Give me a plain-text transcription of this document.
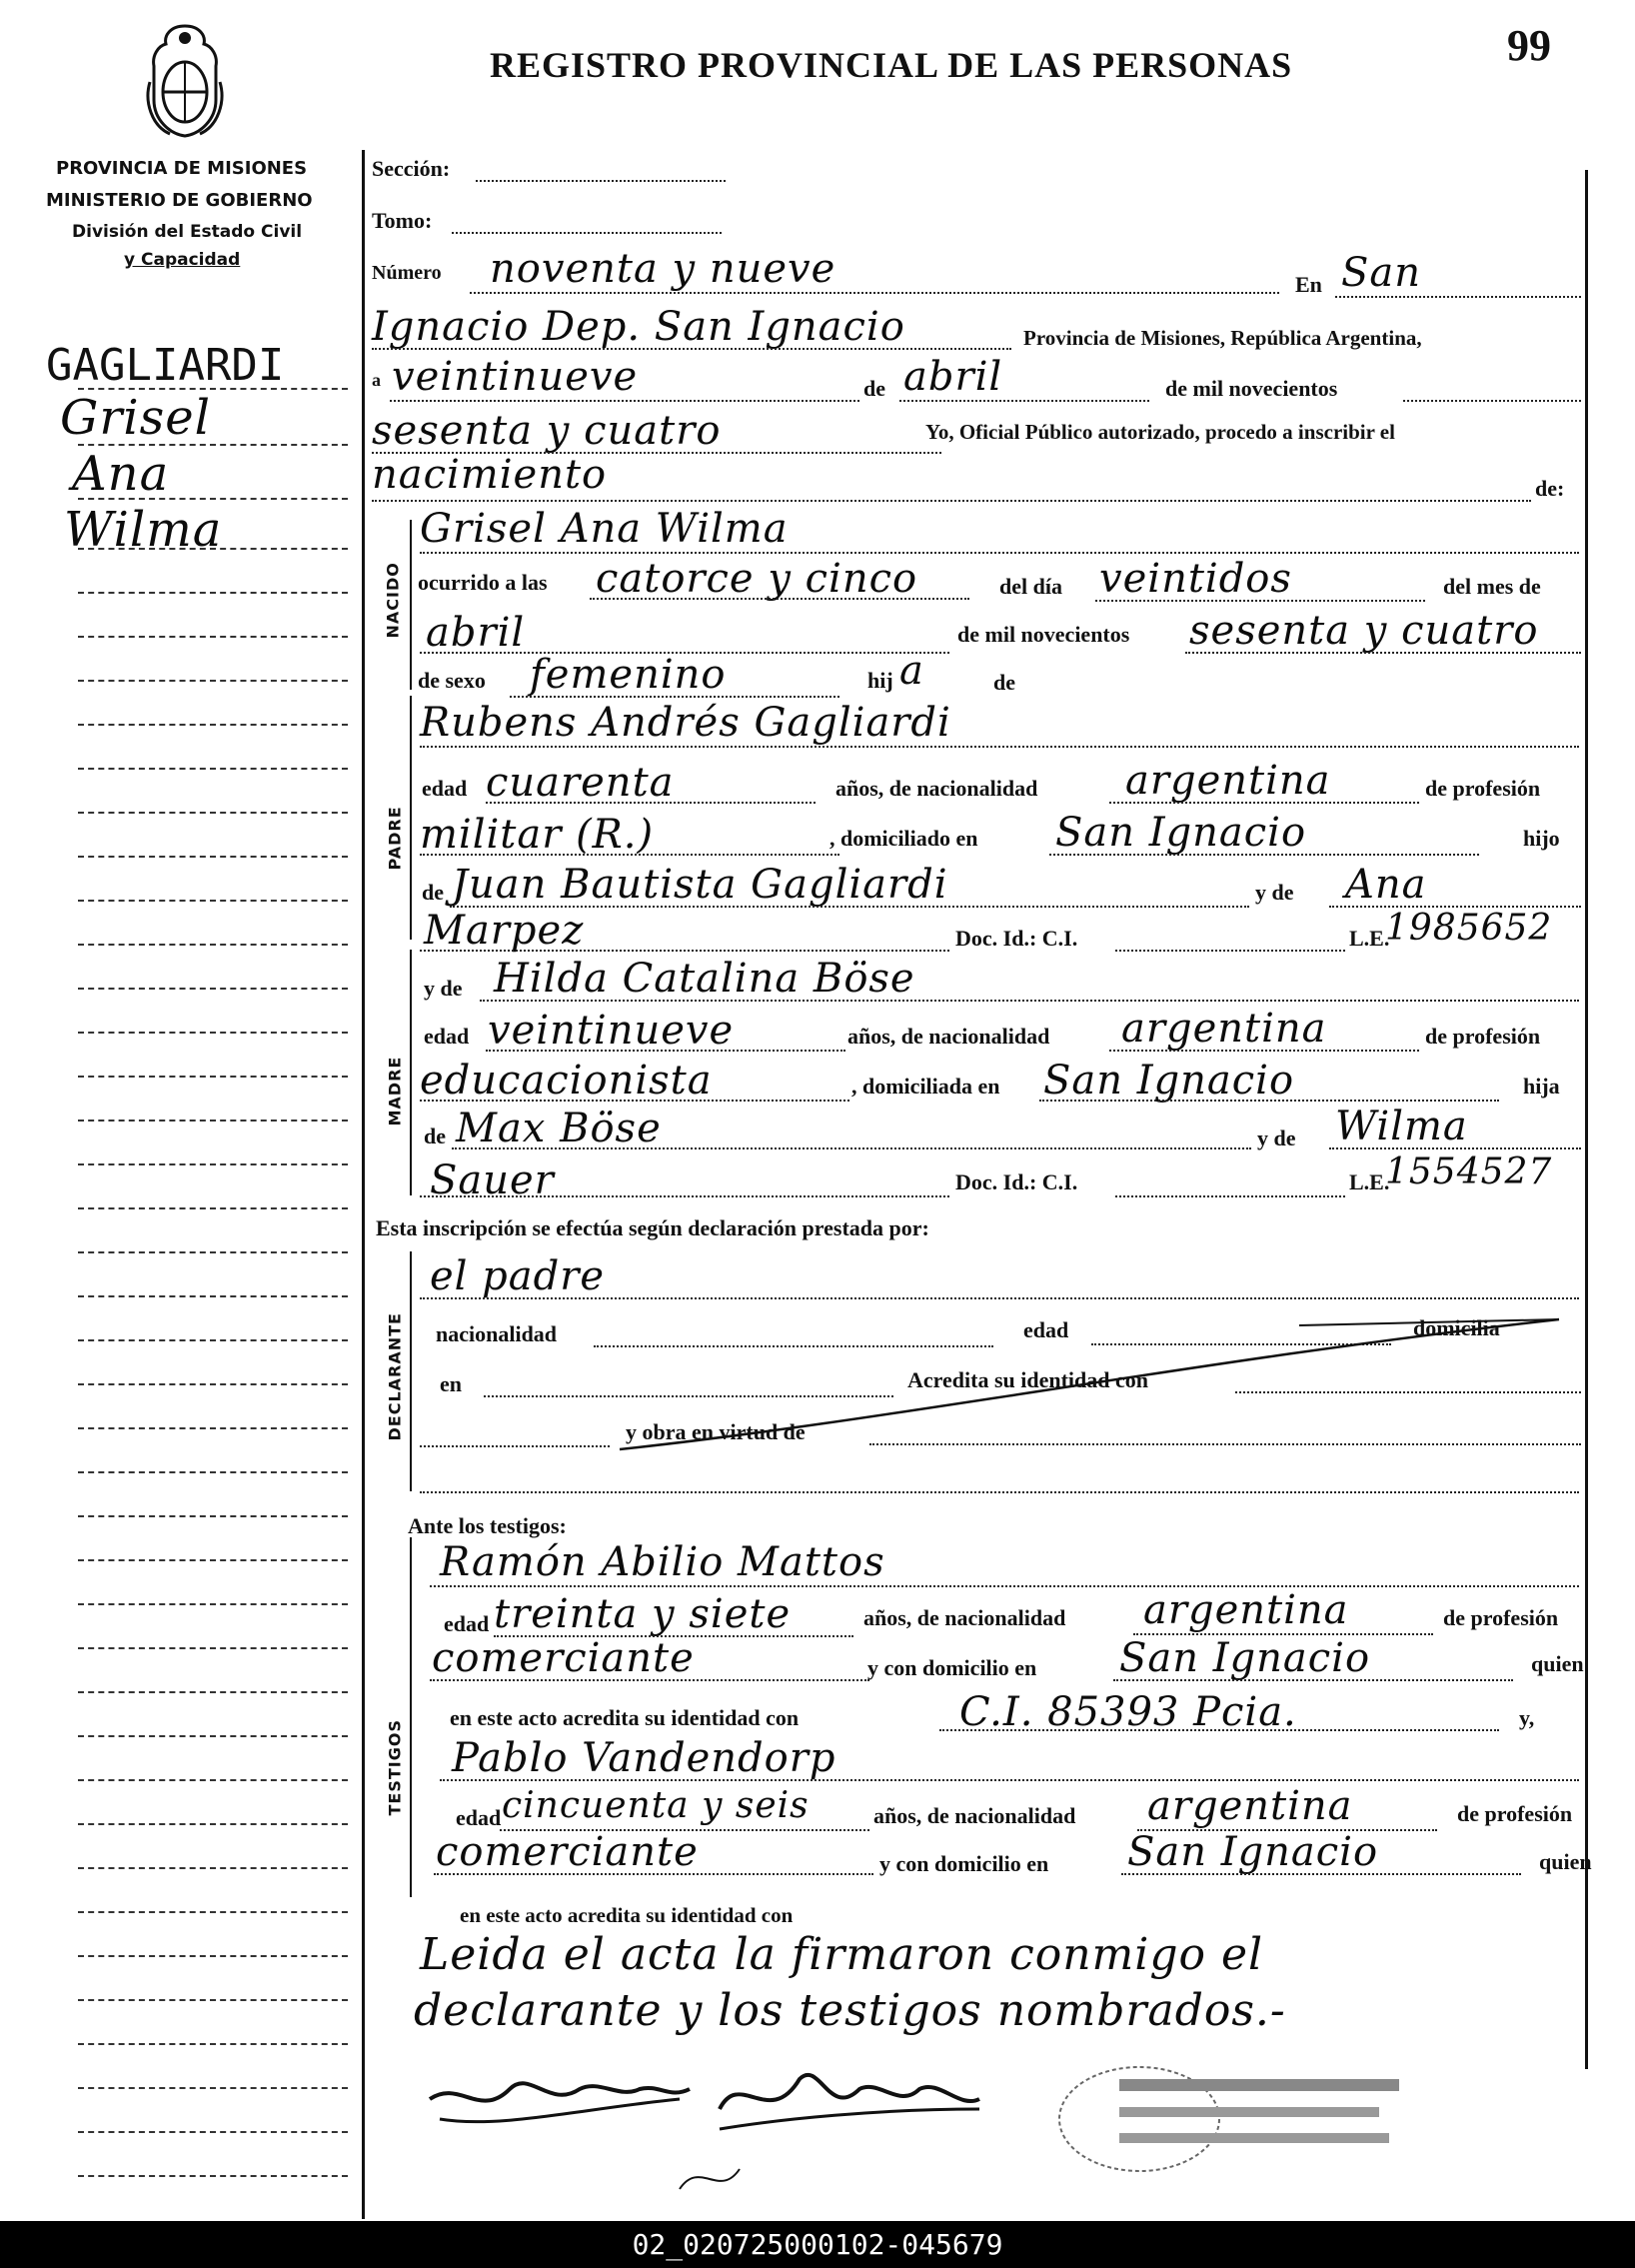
REGISTRO PROVINCIAL DE LAS PERSONAS	99
PROVINCIA DE MISIONES
MINISTERIO DE GOBIERNO
División del Estado Civil
y Capacidad
GAGLIARDI
Grisel
Ana
Wilma
NACIDO
PADRE
MADRE
DECLARANTE
TESTIGOS
Sección:
Tomo:
Número noventa y nueve	En San
Ignacio Dep. San Ignacio	Provincia de Misiones, República Argentina,
a veintinueve	de abril	de mil novecientos
sesenta y cuatro	Yo, Oficial Público autorizado, procedo a inscribir el
nacimiento	de:
Grisel Ana Wilma
ocurrido a las catorce y cinco	del día veintidos	del mes de
abril	de mil novecientos sesenta y cuatro
de sexo femenino	hij a	de
Rubens Andrés Gagliardi
edad cuarenta	años, de nacionalidad argentina	de profesión
militar (R.)	, domiciliado en San Ignacio	hijo
de Juan Bautista Gagliardi	y de Ana
Marpez	Doc. Id.: C.I.	L.E.
1985652
y de Hilda Catalina Böse
edad veintinueve	años, de nacionalidad argentina	de profesión
educacionista	, domiciliada en San Ignacio	hija
de Max Böse	y de Wilma
Sauer	Doc. Id.: C.I.	L.E.
1554527
Esta inscripción se efectúa según declaración prestada por:
el padre
nacionalidad	edad	domicilia
en	Acredita su identidad con
y obra en virtud de
Ante los testigos:
Ramón Abilio Mattos
edad treinta y siete	años, de nacionalidad argentina	de profesión
comerciante	y con domicilio en San Ignacio	quien
en este acto acredita su identidad con	C.I. 85393 Pcia.	y,
Pablo Vandendorp
edad cincuenta y seis	años, de nacionalidad argentina	de profesión
comerciante	y con domicilio en San Ignacio	quien
en este acto acredita su identidad con
Leida el acta la firmaron conmigo el
declarante y los testigos nombrados.-
02_020725000102-045679
